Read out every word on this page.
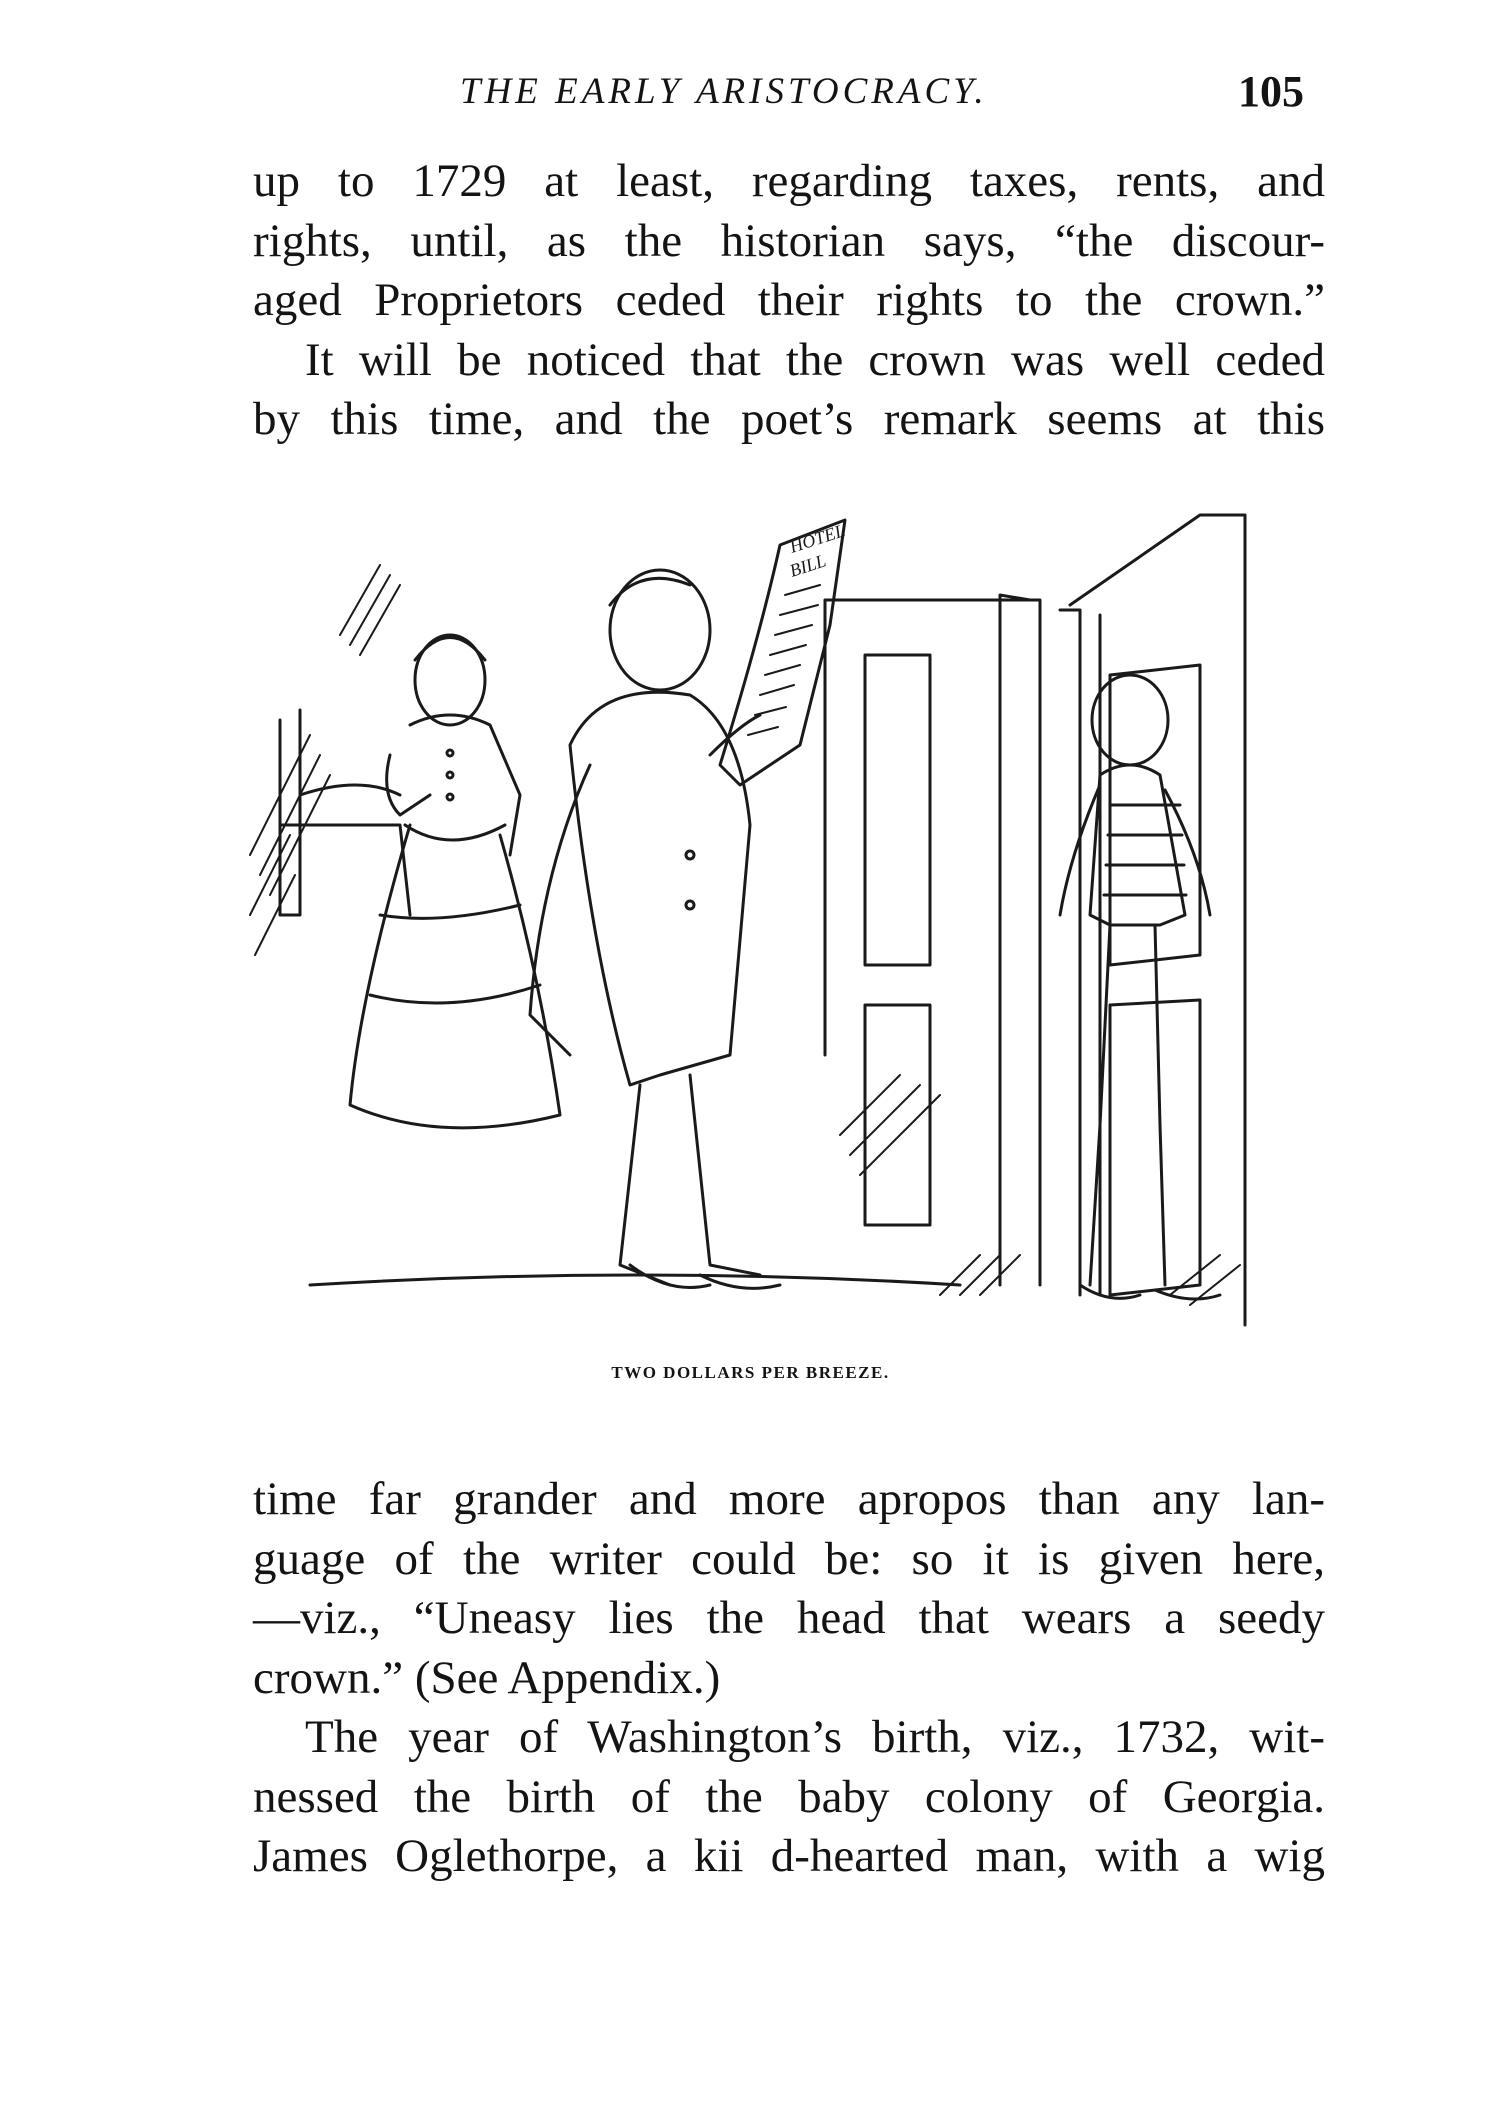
THE EARLY ARISTOCRACY.	105
up to 1729 at least, regarding taxes, rents, and
rights, until, as the historian says, “the discour-
aged Proprietors ceded their rights to the crown.”
It will be noticed that the crown was well ceded
by this time, and the poet’s remark seems at this
HOTEL
BILL
TWO DOLLARS PER BREEZE.
time far grander and more apropos than any lan-
guage of the writer could be: so it is given here,
—viz., “Uneasy lies the head that wears a seedy
crown.” (See Appendix.)
The year of Washington’s birth, viz., 1732, wit-
nessed the birth of the baby colony of Georgia.
James Oglethorpe, a kii d-hearted man, with a wig
